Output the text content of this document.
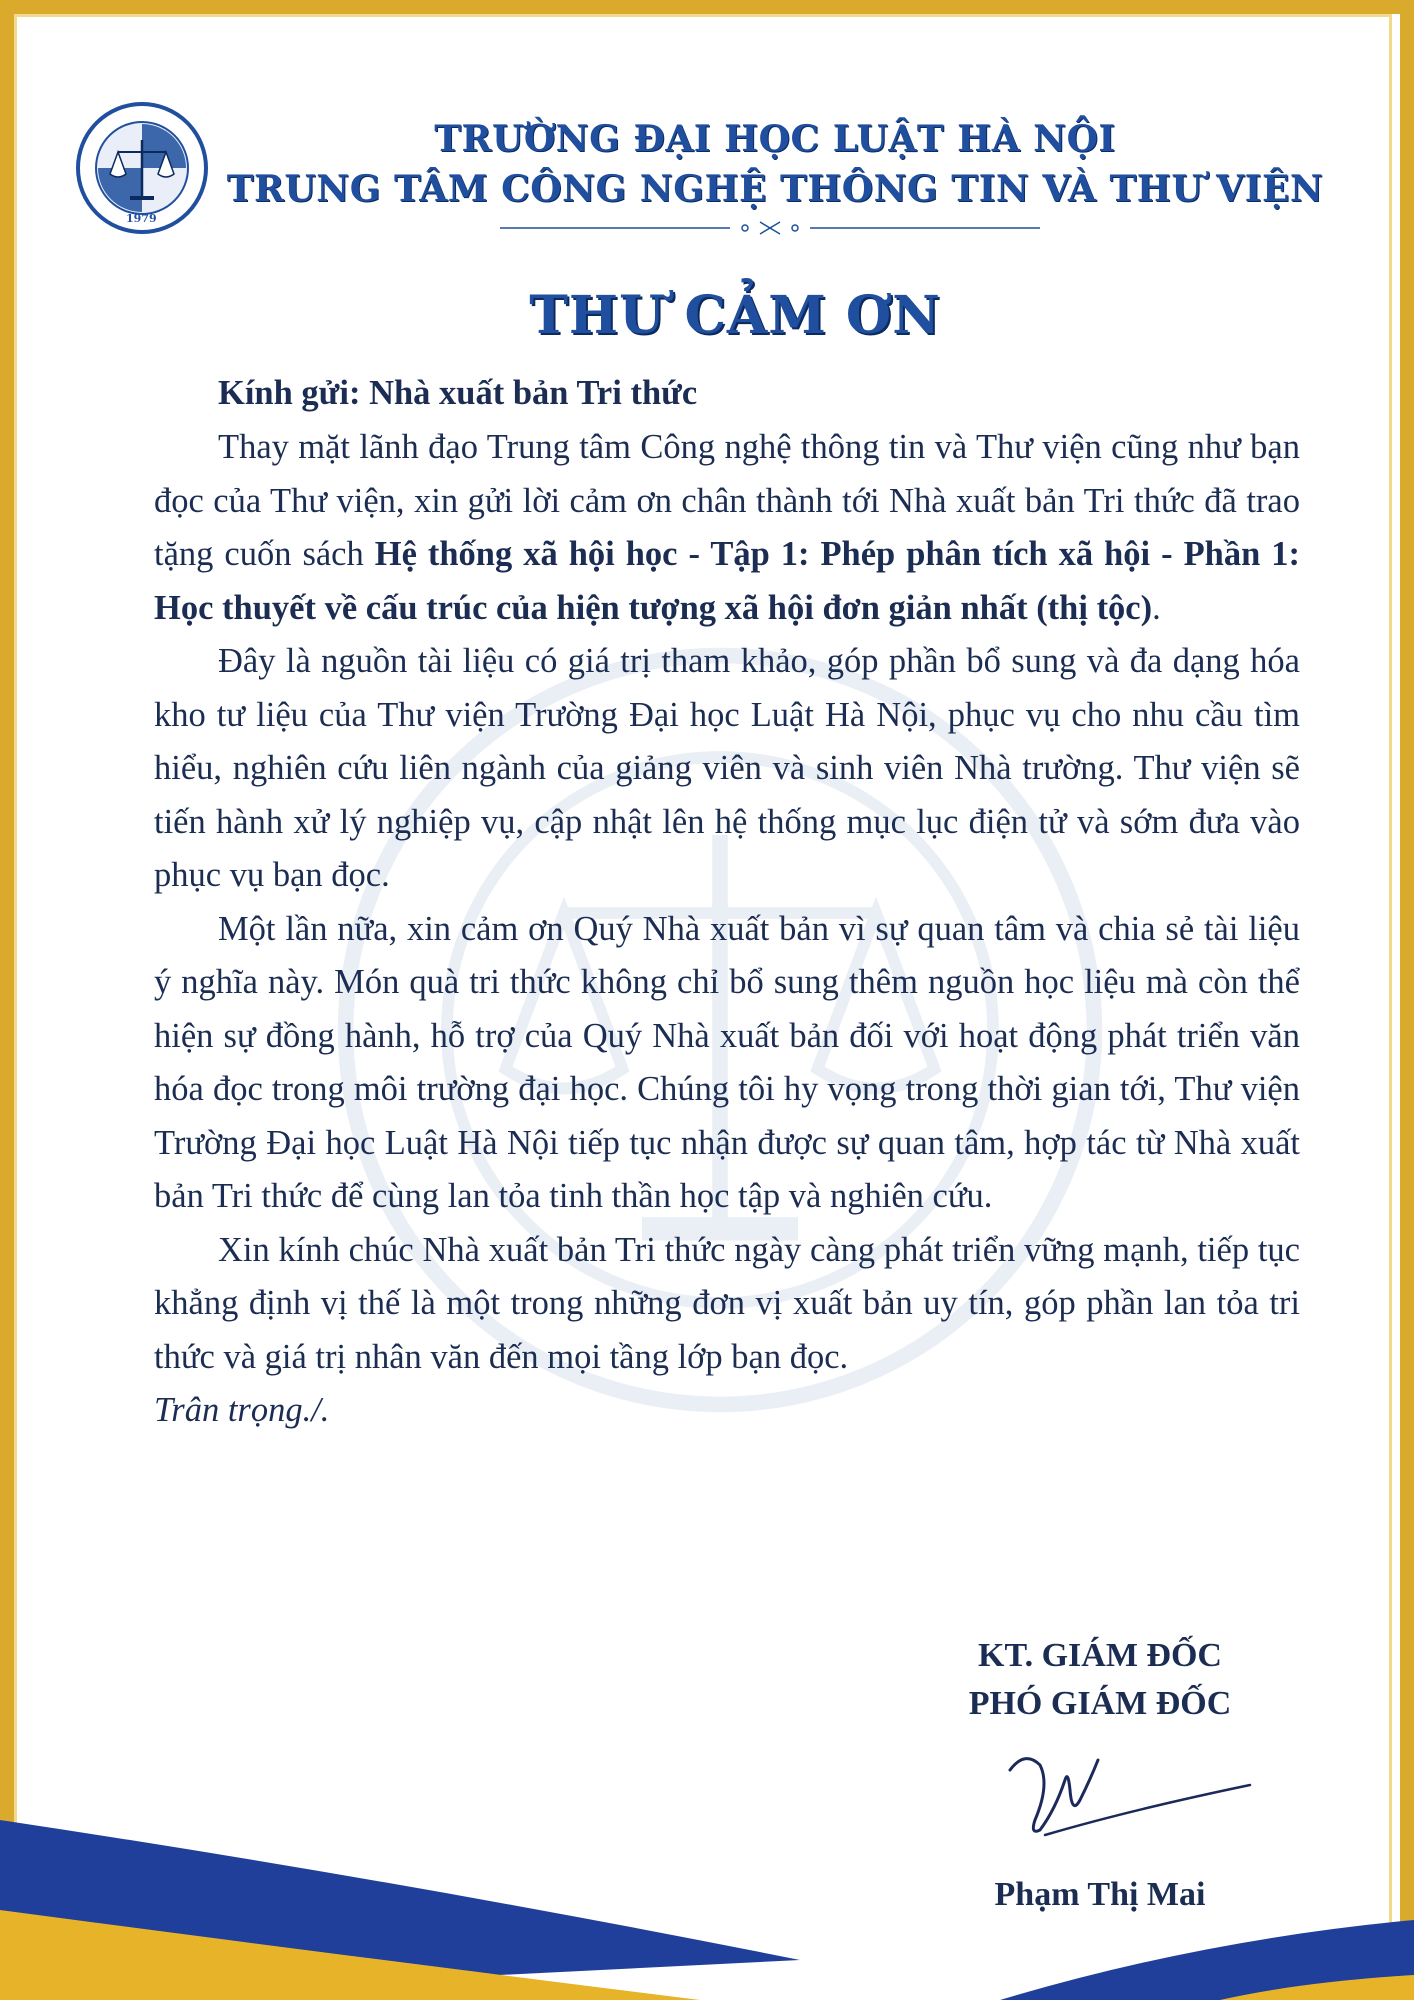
1979
TRƯỜNG ĐẠI HỌC LUẬT HÀ NỘI
TRUNG TÂM CÔNG NGHỆ THÔNG TIN VÀ THƯ VIỆN
THƯ CẢM ƠN

Kính gửi: Nhà xuất bản Tri thức

Thay mặt lãnh đạo Trung tâm Công nghệ thông tin và Thư viện cũng như bạn đọc của Thư viện, xin gửi lời cảm ơn chân thành tới Nhà xuất bản Tri thức đã trao tặng cuốn sách Hệ thống xã hội học - Tập 1: Phép phân tích xã hội - Phần 1: Học thuyết về cấu trúc của hiện tượng xã hội đơn giản nhất (thị tộc).

Đây là nguồn tài liệu có giá trị tham khảo, góp phần bổ sung và đa dạng hóa kho tư liệu của Thư viện Trường Đại học Luật Hà Nội, phục vụ cho nhu cầu tìm hiểu, nghiên cứu liên ngành của giảng viên và sinh viên Nhà trường. Thư viện sẽ tiến hành xử lý nghiệp vụ, cập nhật lên hệ thống mục lục điện tử và sớm đưa vào phục vụ bạn đọc.

Một lần nữa, xin cảm ơn Quý Nhà xuất bản vì sự quan tâm và chia sẻ tài liệu ý nghĩa này. Món quà tri thức không chỉ bổ sung thêm nguồn học liệu mà còn thể hiện sự đồng hành, hỗ trợ của Quý Nhà xuất bản đối với hoạt động phát triển văn hóa đọc trong môi trường đại học. Chúng tôi hy vọng trong thời gian tới, Thư viện Trường Đại học Luật Hà Nội tiếp tục nhận được sự quan tâm, hợp tác từ Nhà xuất bản Tri thức để cùng lan tỏa tinh thần học tập và nghiên cứu.

Xin kính chúc Nhà xuất bản Tri thức ngày càng phát triển vững mạnh, tiếp tục khẳng định vị thế là một trong những đơn vị xuất bản uy tín, góp phần lan tỏa tri thức và giá trị nhân văn đến mọi tầng lớp bạn đọc.

Trân trọng./.

KT. GIÁM ĐỐC
PHÓ GIÁM ĐỐC
Phạm Thị Mai
